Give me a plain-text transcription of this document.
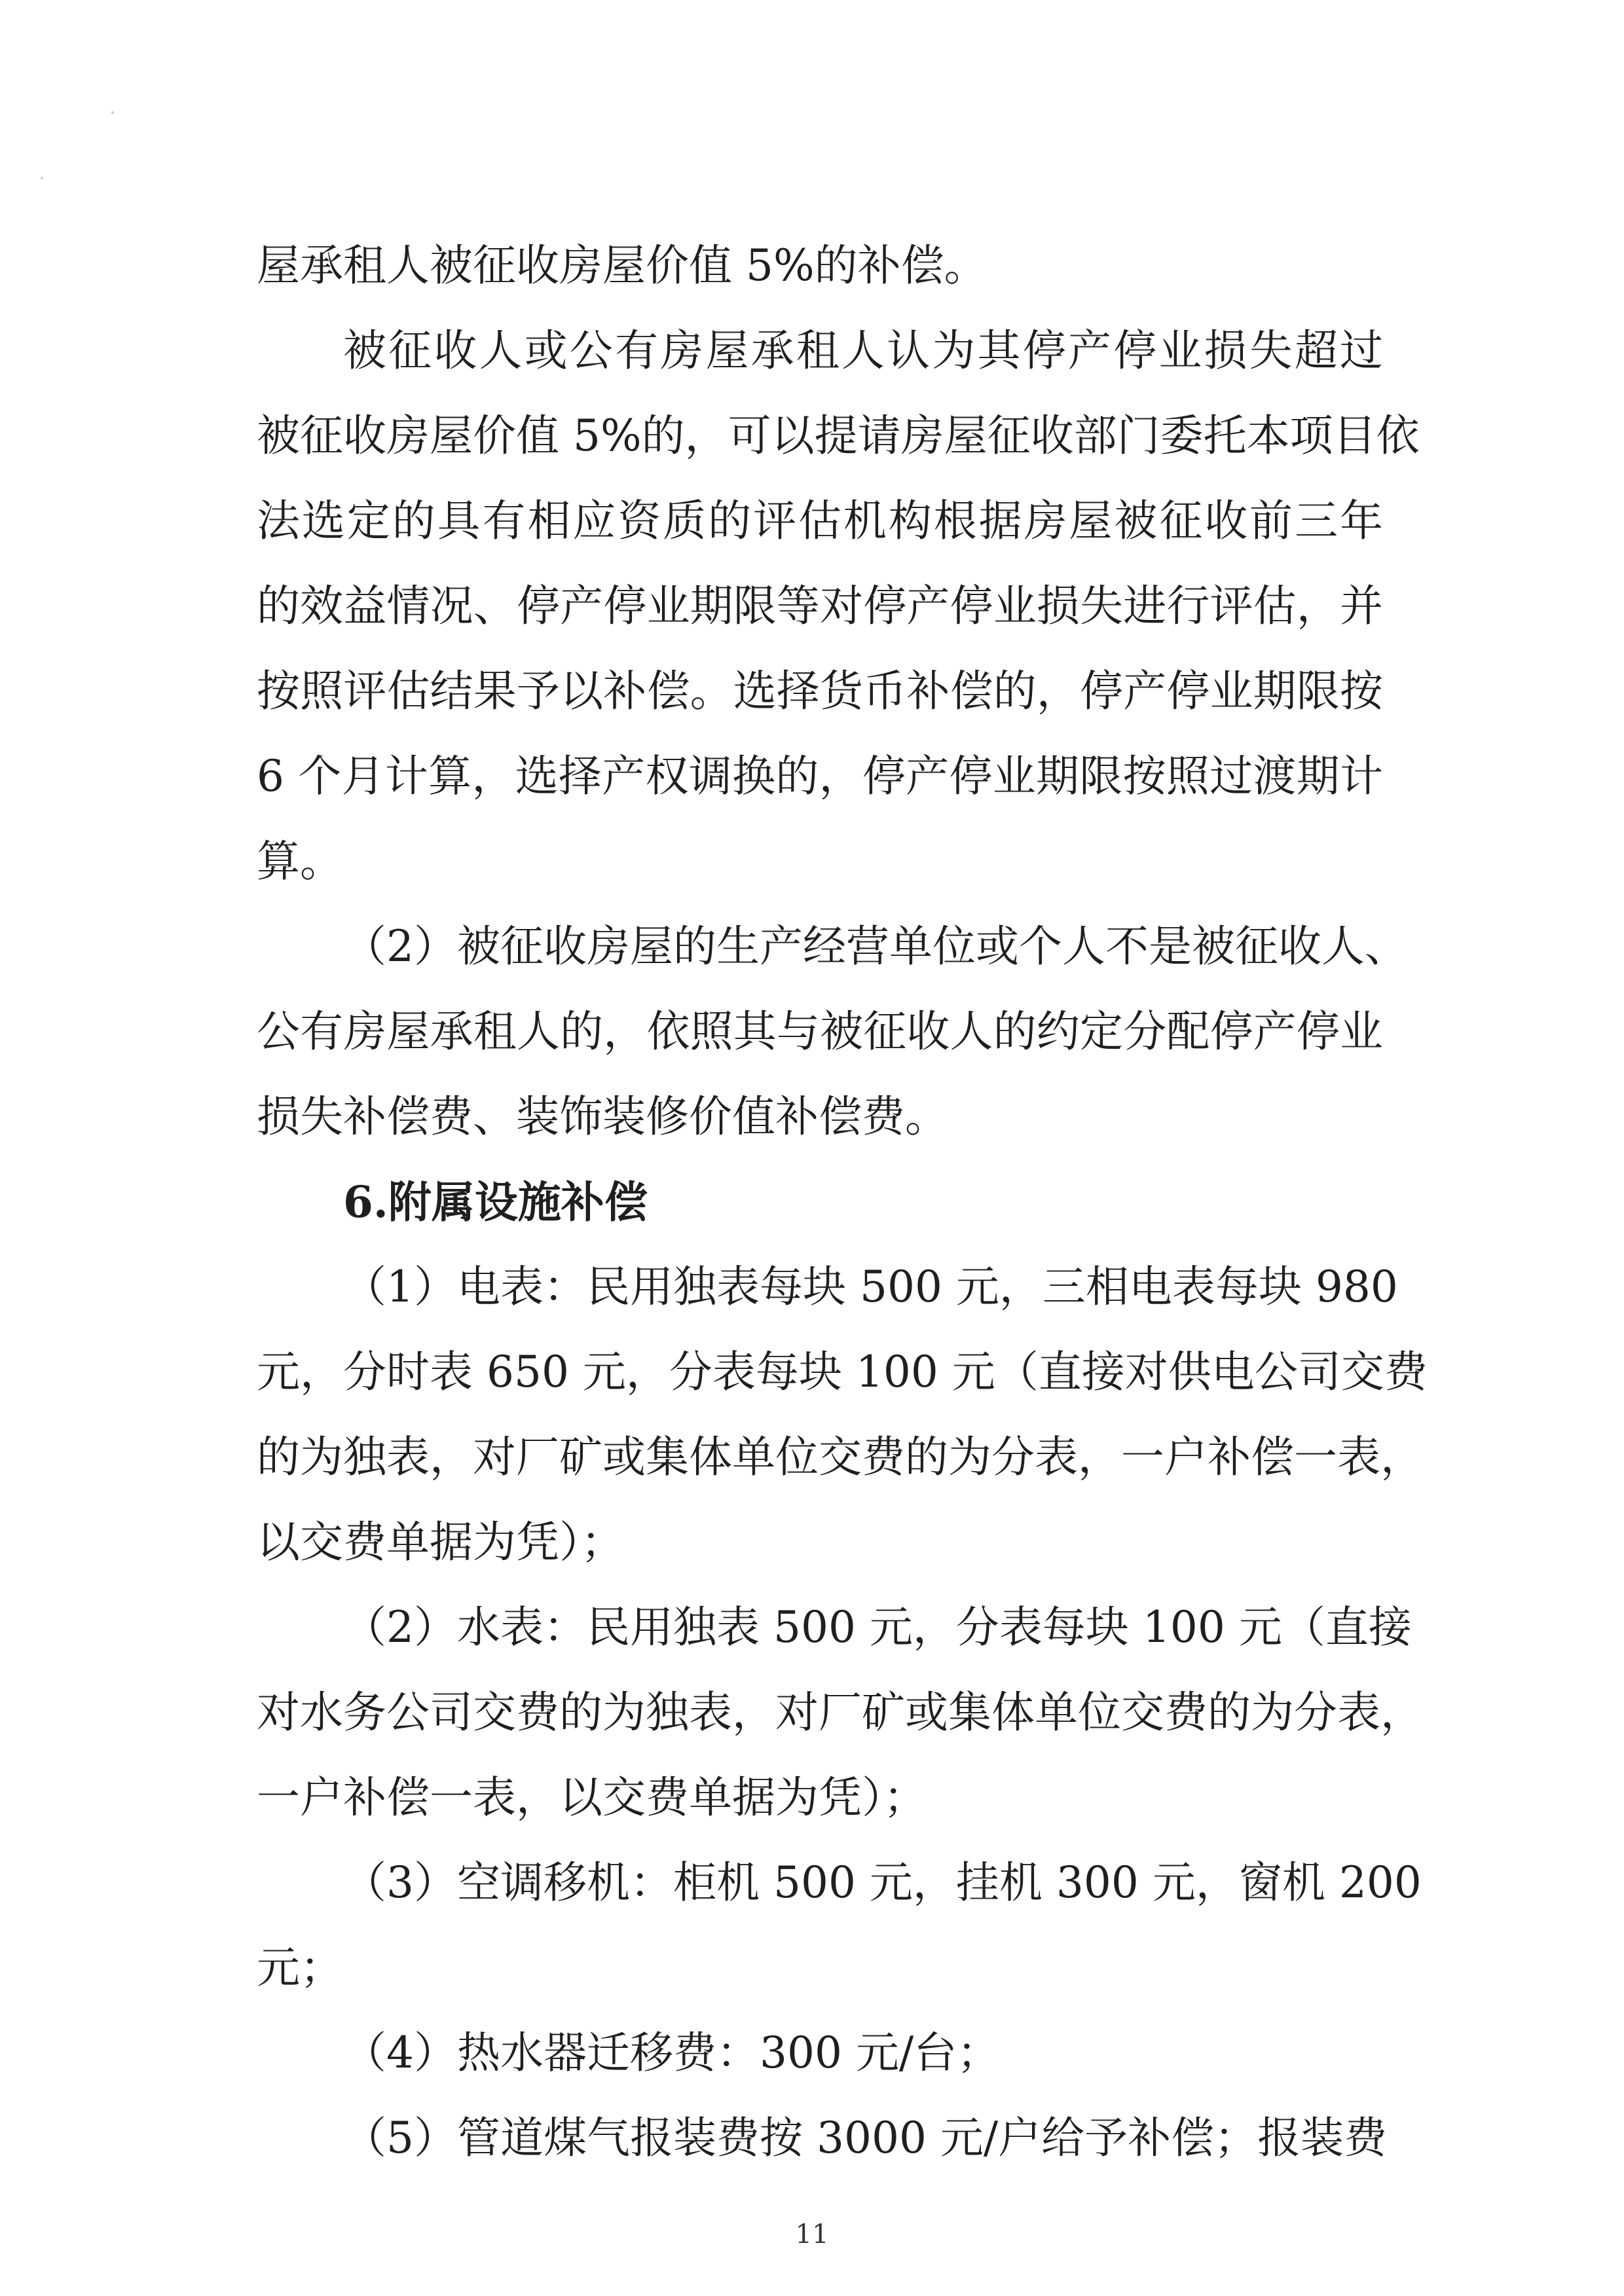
屋承租人被征收房屋价值 5%的补偿。
被征收人或公有房屋承租人认为其停产停业损失超过
被征收房屋价值 5%的，可以提请房屋征收部门委托本项目依
法选定的具有相应资质的评估机构根据房屋被征收前三年
的效益情况、停产停业期限等对停产停业损失进行评估，并
按照评估结果予以补偿。选择货币补偿的，停产停业期限按
6 个月计算，选择产权调换的，停产停业期限按照过渡期计
算。
（2）被征收房屋的生产经营单位或个人不是被征收人、
公有房屋承租人的，依照其与被征收人的约定分配停产停业
损失补偿费、装饰装修价值补偿费。
6.附属设施补偿
（1）电表：民用独表每块 500 元，三相电表每块 980
元，分时表 650 元，分表每块 100 元（直接对供电公司交费
的为独表，对厂矿或集体单位交费的为分表，一户补偿一表，
以交费单据为凭）；
（2）水表：民用独表 500 元，分表每块 100 元（直接
对水务公司交费的为独表，对厂矿或集体单位交费的为分表，
一户补偿一表，以交费单据为凭）；
（3）空调移机：柜机 500 元，挂机 300 元，窗机 200
元；
（4）热水器迁移费：300 元/台；
（5）管道煤气报装费按 3000 元/户给予补偿；报装费
11
